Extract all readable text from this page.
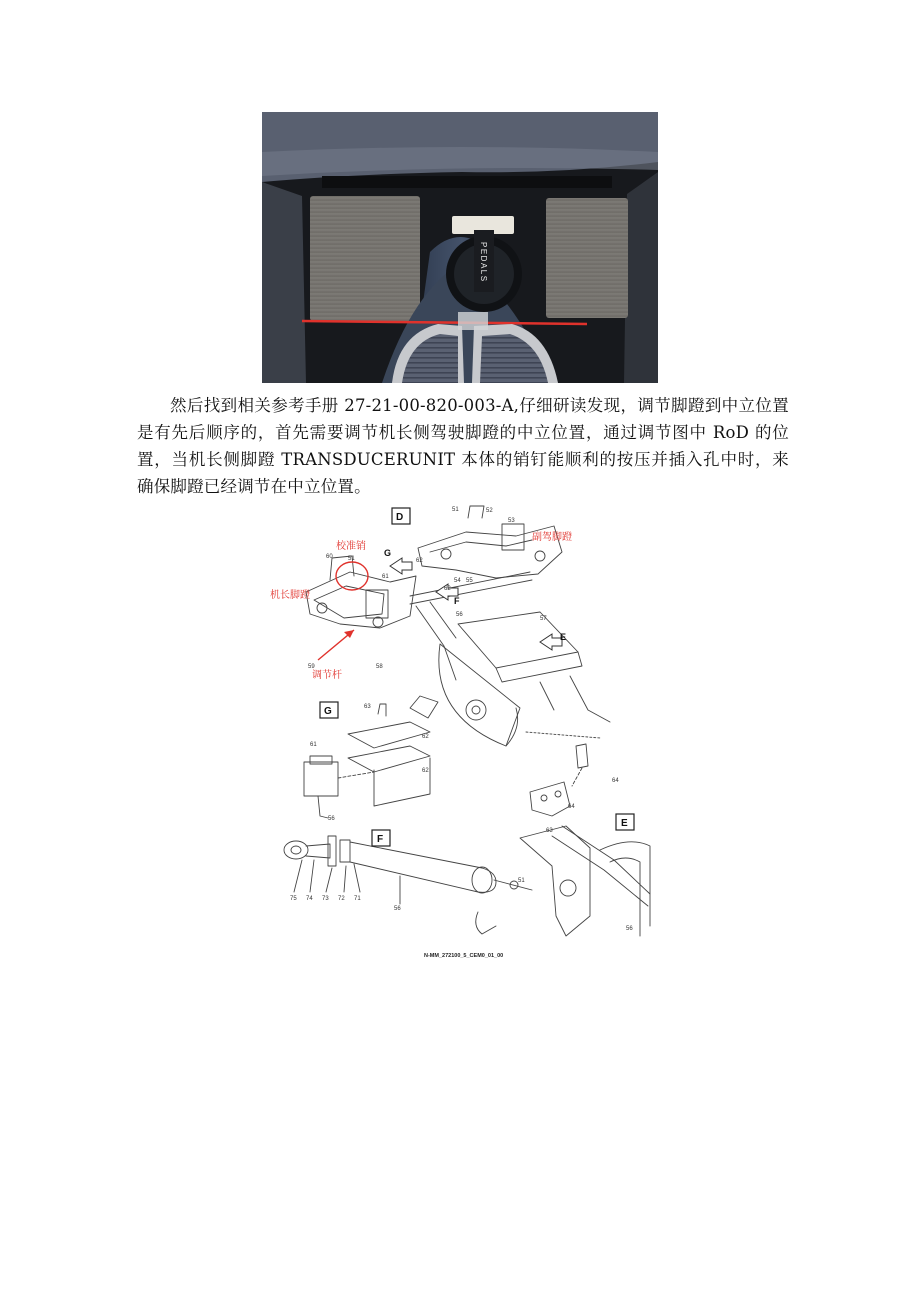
PEDALS

然后找到相关参考手册 27-21-00-820-003-A,仔细研读发现，调节脚蹬到中立位置是有先后顺序的，首先需要调节机长侧驾驶脚蹬的中立位置，通过调节图中 RoD 的位置，当机长侧脚蹬 TRANSDUCERUNIT 本体的销钉能顺利的按压并插入孔中时，来确保脚蹬已经调节在中立位置。

D
G
F
E
G
F
E
校准销
副驾脚蹬
机长脚蹬
调节杆
51	52
53
60	51	62
62
54 55
61
56
57
59	58
63
62
62
61
56
64
64
63
51
56
75 74 73 72 71
56
N-MM_272100_5_CEM0_01_00
